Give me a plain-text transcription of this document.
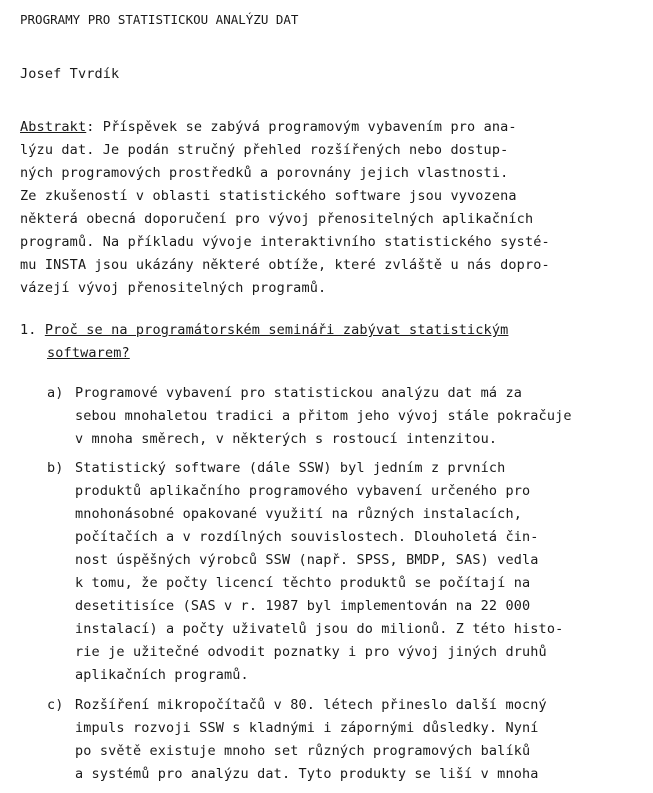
PROGRAMY PRO STATISTICKOU ANALÝZU DAT
Josef Tvrdík
Abstrakt: Příspěvek se zabývá programovým vybavením pro ana-
lýzu dat. Je podán stručný přehled rozšířených nebo dostup-
ných programových prostředků a porovnány jejich vlastnosti.
Ze zkušeností v oblasti statistického software jsou vyvozena
některá obecná doporučení pro vývoj přenositelných aplikačních
programů. Na příkladu vývoje interaktivního statistického systé-
mu INSTA jsou ukázány některé obtíže, které zvláště u nás dopro-
vázejí vývoj přenositelných programů.
1. Proč se na programátorském semináři zabývat statistickým
softwarem?
a) Programové vybavení pro statistickou analýzu dat má za
sebou mnohaletou tradici a přitom jeho vývoj stále pokračuje
v mnoha směrech, v některých s rostoucí intenzitou.
b) Statistický software (dále SSW) byl jedním z prvních
produktů aplikačního programového vybavení určeného pro
mnohonásobné opakované využití na různých instalacích,
počítačích a v rozdílných souvislostech. Dlouholetá čin-
nost úspěšných výrobců SSW (např. SPSS, BMDP, SAS) vedla
k tomu, že počty licencí těchto produktů se počítají na
desetitisíce (SAS v r. 1987 byl implementován na 22 000
instalací) a počty uživatelů jsou do milionů. Z této histo-
rie je užitečné odvodit poznatky i pro vývoj jiných druhů
aplikačních programů.
c) Rozšíření mikropočítačů v 80. létech přineslo další mocný
impuls rozvoji SSW s kladnými i zápornými důsledky. Nyní
po světě existuje mnoho set různých programových balíků
a systémů pro analýzu dat. Tyto produkty se liší v mnoha
